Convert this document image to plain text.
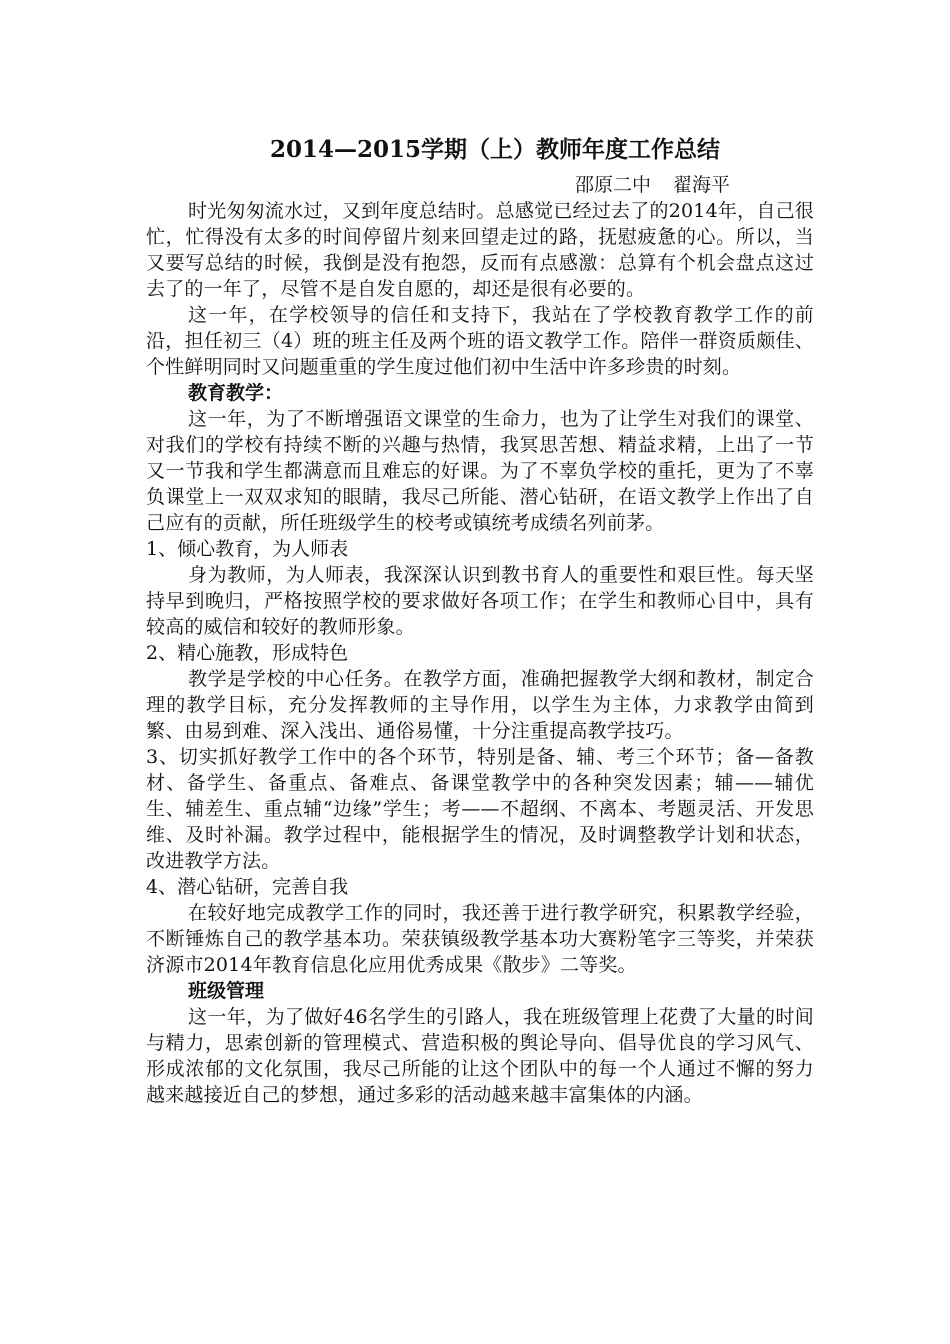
2014—2015学期（上）教师年度工作总结

邵原二中 翟海平

时光匆匆流水过，又到年度总结时。总感觉已经过去了的2014年，自己很忙，忙得没有太多的时间停留片刻来回望走过的路，抚慰疲惫的心。所以，当又要写总结的时候，我倒是没有抱怨，反而有点感激：总算有个机会盘点这过去了的一年了，尽管不是自发自愿的，却还是很有必要的。

这一年，在学校领导的信任和支持下，我站在了学校教育教学工作的前沿，担任初三（4）班的班主任及两个班的语文教学工作。陪伴一群资质颇佳、个性鲜明同时又问题重重的学生度过他们初中生活中许多珍贵的时刻。

教育教学：

这一年，为了不断增强语文课堂的生命力，也为了让学生对我们的课堂、对我们的学校有持续不断的兴趣与热情，我冥思苦想、精益求精，上出了一节又一节我和学生都满意而且难忘的好课。为了不辜负学校的重托，更为了不辜负课堂上一双双求知的眼睛，我尽己所能、潜心钻研，在语文教学上作出了自己应有的贡献，所任班级学生的校考或镇统考成绩名列前茅。

1、倾心教育，为人师表

身为教师，为人师表，我深深认识到教书育人的重要性和艰巨性。每天坚持早到晚归，严格按照学校的要求做好各项工作；在学生和教师心目中，具有较高的威信和较好的教师形象。

2、精心施教，形成特色

教学是学校的中心任务。在教学方面，准确把握教学大纲和教材，制定合理的教学目标，充分发挥教师的主导作用，以学生为主体，力求教学由简到繁、由易到难、深入浅出、通俗易懂，十分注重提高教学技巧。

3、切实抓好教学工作中的各个环节，特别是备、辅、考三个环节；备—备教材、备学生、备重点、备难点、备课堂教学中的各种突发因素；辅——辅优生、辅差生、重点辅“边缘”学生；考——不超纲、不离本、考题灵活、开发思维、及时补漏。教学过程中，能根据学生的情况，及时调整教学计划和状态，改进教学方法。

4、潜心钻研，完善自我

在较好地完成教学工作的同时，我还善于进行教学研究，积累教学经验，不断锤炼自己的教学基本功。荣获镇级教学基本功大赛粉笔字三等奖，并荣获济源市2014年教育信息化应用优秀成果《散步》二等奖。

班级管理

这一年，为了做好46名学生的引路人，我在班级管理上花费了大量的时间与精力，思索创新的管理模式、营造积极的舆论导向、倡导优良的学习风气、形成浓郁的文化氛围，我尽己所能的让这个团队中的每一个人通过不懈的努力越来越接近自己的梦想，通过多彩的活动越来越丰富集体的内涵。
